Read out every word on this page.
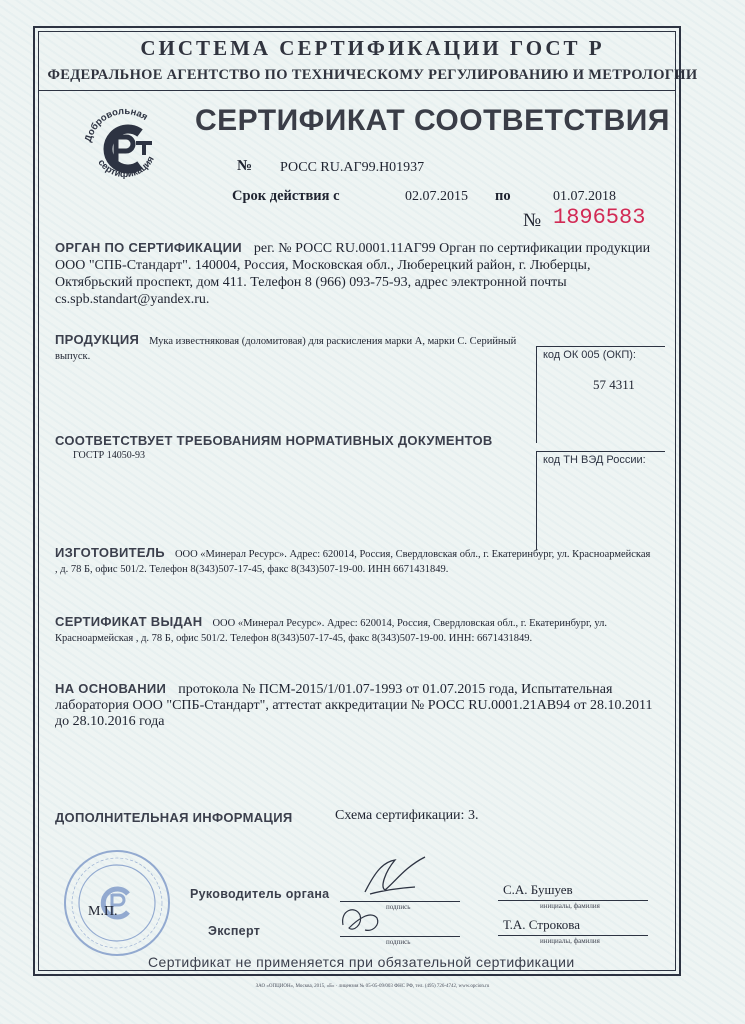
СИСТЕМА СЕРТИФИКАЦИИ ГОСТ Р
ФЕДЕРАЛЬНОЕ АГЕНТСТВО ПО ТЕХНИЧЕСКОМУ РЕГУЛИРОВАНИЮ И МЕТРОЛОГИИ
Добровольная
сертификация
СЕРТИФИКАТ СООТВЕТСТВИЯ
№ РОСС RU.АГ99.Н01937
Срок действия с	02.07.2015 по	01.07.2018
№ 1896583
ОРГАН ПО СЕРТИФИКАЦИИ рег. № РОСС RU.0001.11АГ99 Орган по сертификации продукции ООО "СПБ-Стандарт". 140004, Россия, Московская обл., Люберецкий район, г. Люберцы, Октябрьский проспект, дом 411. Телефон 8 (966) 093-75-93, адрес электронной почты cs.spb.standart@yandex.ru.
ПРОДУКЦИЯ Мука известняковая (доломитовая) для раскисления марки А, марки С. Серийный выпуск.	код ОК 005 (ОКП):
57 4311
СООТВЕТСТВУЕТ ТРЕБОВАНИЯМ НОРМАТИВНЫХ ДОКУМЕНТОВ
ГОСТР 14050-93	код ТН ВЭД России:
ИЗГОТОВИТЕЛЬ ООО «Минерал Ресурс». Адрес: 620014, Россия, Свердловская обл., г. Екатеринбург, ул. Красноармейская , д. 78 Б, офис 501/2. Телефон 8(343)507-17-45, факс 8(343)507-19-00. ИНН 6671431849.
СЕРТИФИКАТ ВЫДАН ООО «Минерал Ресурс». Адрес: 620014, Россия, Свердловская обл., г. Екатеринбург, ул. Красноармейская , д. 78 Б, офис 501/2. Телефон 8(343)507-17-45, факс 8(343)507-19-00. ИНН: 6671431849.
НА ОСНОВАНИИ протокола № ПСМ-2015/1/01.07-1993 от 01.07.2015 года, Испытательная лаборатория ООО "СПБ-Стандарт", аттестат аккредитации № РОСС RU.0001.21АВ94 от 28.10.2011 до 28.10.2016 года
ДОПОЛНИТЕЛЬНАЯ ИНФОРМАЦИЯ	Схема сертификации: 3.
М.П.
Руководитель органа
подпись
С.А. Бушуев
инициалы, фамилия
Эксперт
подпись
Т.А. Строкова
инициалы, фамилия
Сертификат не применяется при обязательной сертификации
ЗАО «ОПЦИОН», Москва, 2015, «Б» · лицензия № 05-05-09/003 ФНС РФ, тел. (495) 726-4742, www.opcion.ru
